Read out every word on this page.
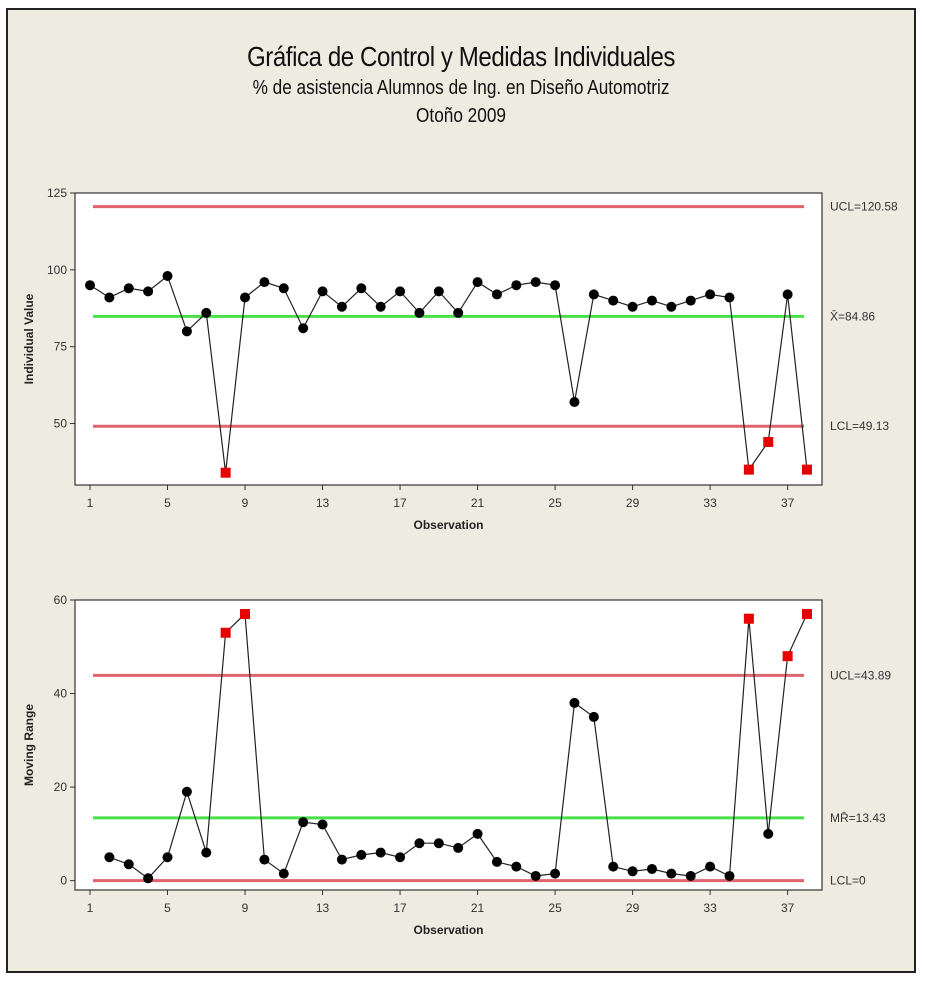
Gráfica de Control y Medidas Individuales
% de asistencia Alumnos de Ing. en Diseño Automotriz
Otoño 2009
UCL=120.58
X̄=84.86
LCL=49.13
50
75
100
125
1	5	9	13	17	21	25	29	33	37
Observation
Individual Value
UCL=43.89
MR̄=13.43
LCL=0
0
20
40
60
1	5	9	13	17	21	25	29	33	37
Observation
Moving Range
